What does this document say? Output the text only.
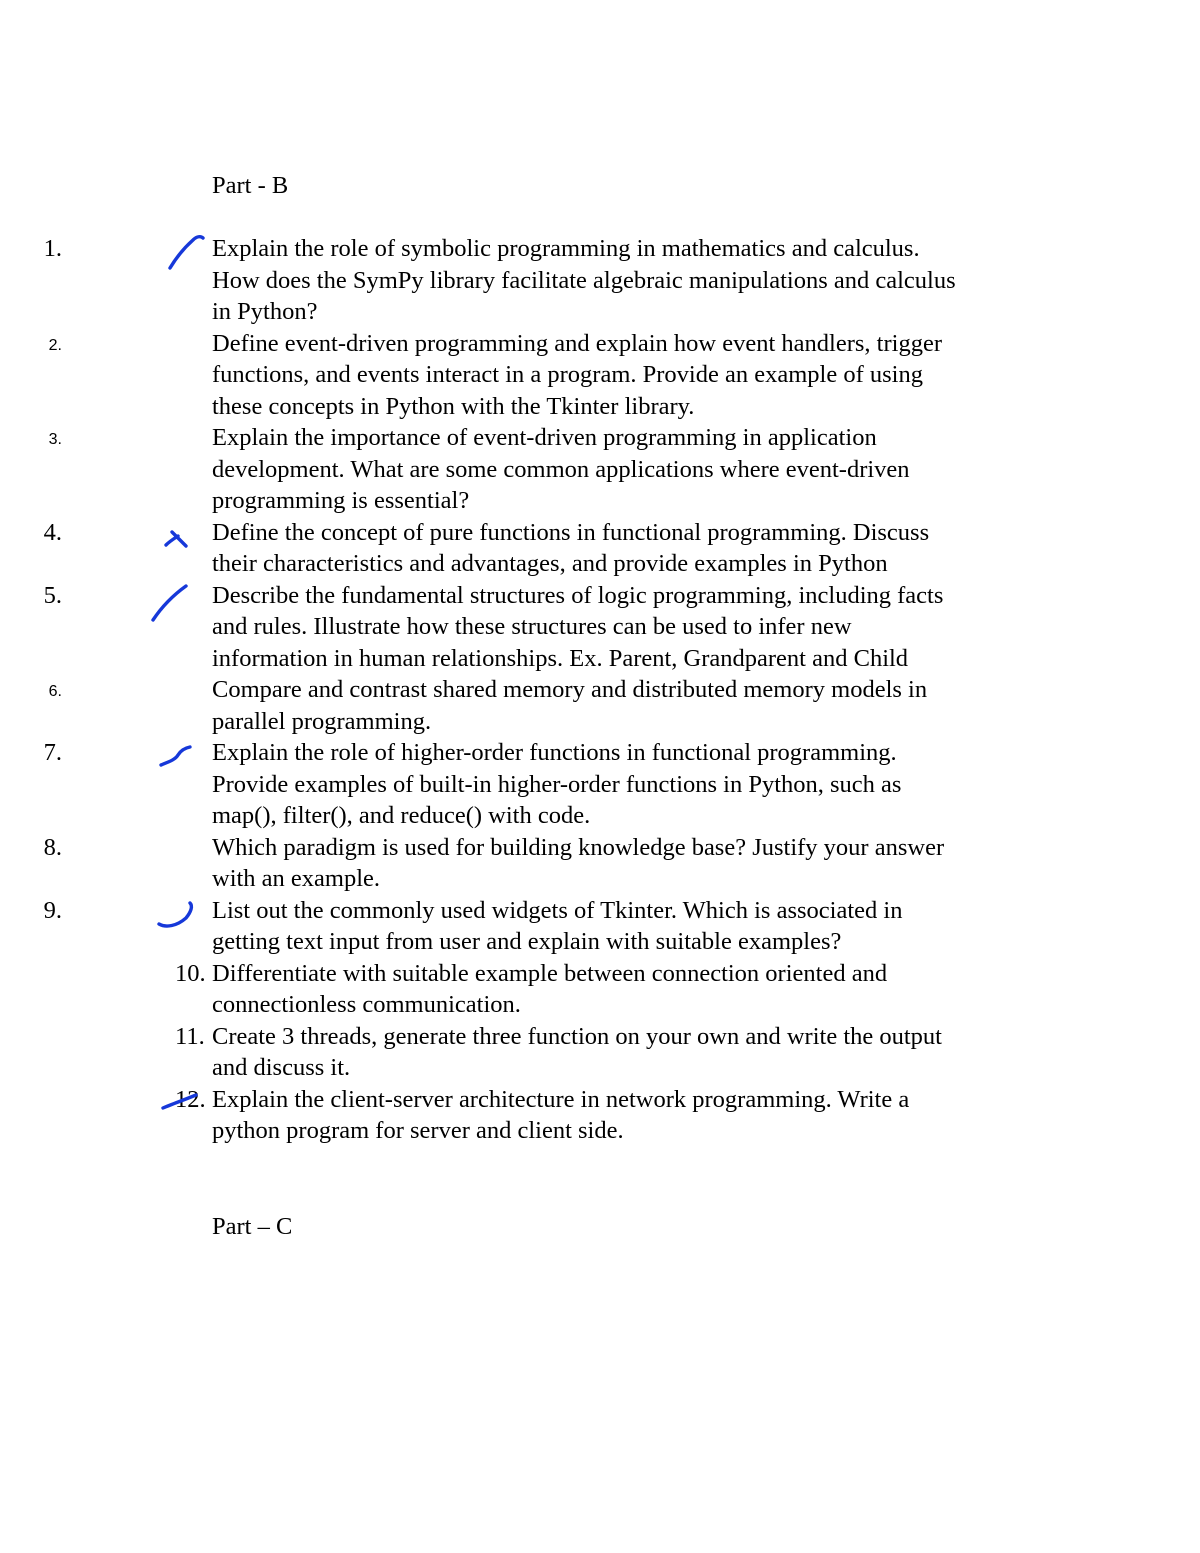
Part - B
1.	Explain the role of symbolic programming in mathematics and calculus.
How does the SymPy library facilitate algebraic manipulations and calculus
in Python?
2.	Define event-driven programming and explain how event handlers, trigger
functions, and events interact in a program. Provide an example of using
these concepts in Python with the Tkinter library.
3.	Explain the importance of event-driven programming in application
development. What are some common applications where event-driven
programming is essential?
4.	Define the concept of pure functions in functional programming. Discuss
their characteristics and advantages, and provide examples in Python
5.	Describe the fundamental structures of logic programming, including facts
and rules. Illustrate how these structures can be used to infer new
information in human relationships. Ex. Parent, Grandparent and Child
6.	Compare and contrast shared memory and distributed memory models in
parallel programming.
7.	Explain the role of higher-order functions in functional programming.
Provide examples of built-in higher-order functions in Python, such as
map(), filter(), and reduce() with code.
8.	Which paradigm is used for building knowledge base? Justify your answer
with an example.
9.	List out the commonly used widgets of Tkinter. Which is associated in
getting text input from user and explain with suitable examples?
10. Differentiate with suitable example between connection oriented and
connectionless communication.
11. Create 3 threads, generate three function on your own and write the output
and discuss it.
12. Explain the client-server architecture in network programming. Write a
python program for server and client side.
Part – C
